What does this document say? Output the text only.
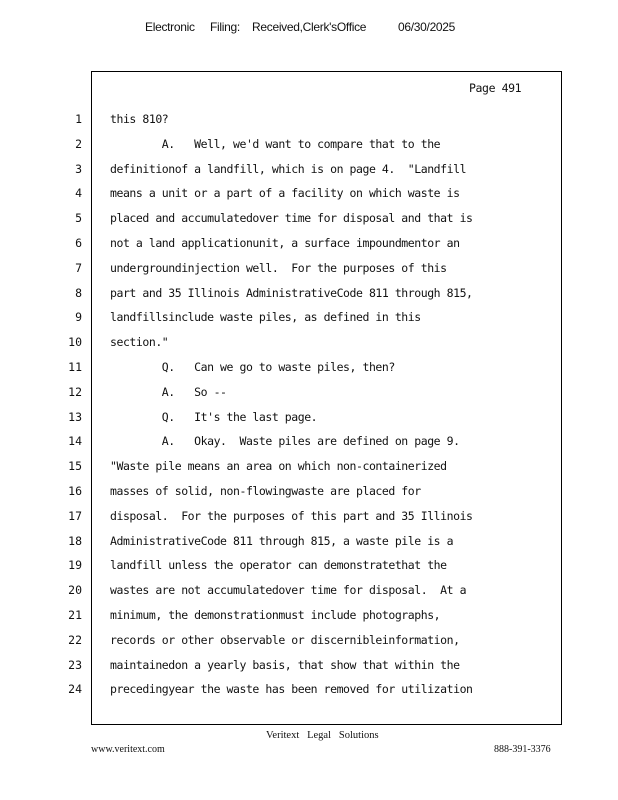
Electronic Filing: Received,Clerk'sOffice	06/30/2025
Page 491
1 this 810?
2 A.   Well, we'd want to compare that to the
3 definitionof a landfill, which is on page 4.  "Landfill
4 means a unit or a part of a facility on which waste is
5 placed and accumulatedover time for disposal and that is
6 not a land applicationunit, a surface impoundmentor an
7 undergroundinjection well.  For the purposes of this
8 part and 35 Illinois AdministrativeCode 811 through 815,
9 landfillsinclude waste piles, as defined in this
10 section."
11 Q.   Can we go to waste piles, then?
12 A.   So --
13 Q.   It's the last page.
14 A.   Okay.  Waste piles are defined on page 9.
15 "Waste pile means an area on which non-containerized
16 masses of solid, non-flowingwaste are placed for
17 disposal.  For the purposes of this part and 35 Illinois
18 AdministrativeCode 811 through 815, a waste pile is a
19 landfill unless the operator can demonstratethat the
20 wastes are not accumulatedover time for disposal.  At a
21 minimum, the demonstrationmust include photographs,
22 records or other observable or discernibleinformation,
23 maintainedon a yearly basis, that show that within the
24 precedingyear the waste has been removed for utilization
Veritext   Legal   Solutions
www.veritext.com	888-391-3376
